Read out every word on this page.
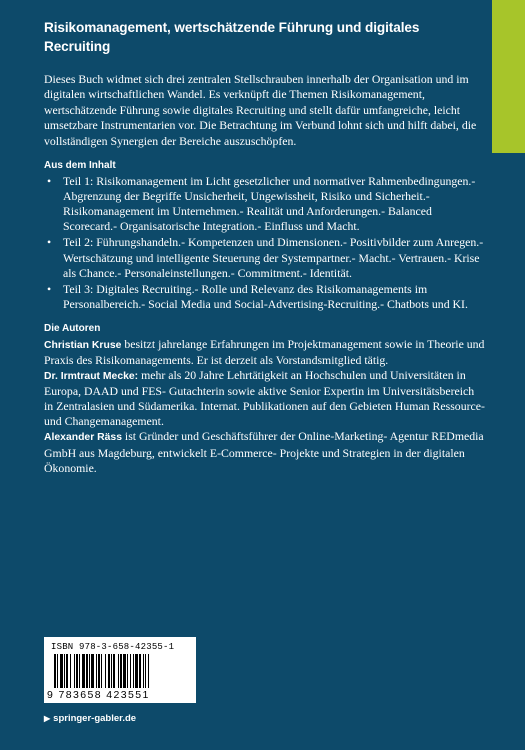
Risikomanagement, wertschätzende Führung und digitales Recruiting

Dieses Buch widmet sich drei zentralen Stellschrauben innerhalb der Organisation und im digitalen wirtschaftlichen Wandel. Es verknüpft die Themen Risikomanagement, wertschätzende Führung sowie digitales Recruiting und stellt dafür umfangreiche, leicht umsetzbare Instrumentarien vor. Die Betrachtung im Verbund lohnt sich und hilft dabei, die vollständigen Synergien der Bereiche auszuschöpfen.

Aus dem Inhalt
• Teil 1: Risikomanagement im Licht gesetzlicher und normativer Rahmenbedingungen.- Abgrenzung der Begriffe Unsicherheit, Ungewissheit, Risiko und Sicherheit.- Risikomanagement im Unternehmen.- Realität und Anforderungen.- Balanced Scorecard.- Organisatorische Integration.- Einfluss und Macht.
• Teil 2: Führungshandeln.- Kompetenzen und Dimensionen.- Positivbilder zum Anregen.- Wertschätzung und intelligente Steuerung der Systempartner.- Macht.- Vertrauen.- Krise als Chance.- Personaleinstellungen.- Commitment.- Identität.
• Teil 3: Digitales Recruiting.- Rolle und Relevanz des Risikomanagements im Personalbereich.- Social Media und Social-Advertising-Recruiting.- Chatbots und KI.
Die Autoren

Christian Kruse besitzt jahrelange Erfahrungen im Projektmanagement sowie in Theorie und Praxis des Risikomanagements. Er ist derzeit als Vorstandsmitglied tätig.

Dr. Irmtraut Mecke: mehr als 20 Jahre Lehrtätigkeit an Hochschulen und Universitäten in Europa, DAAD und FES- Gutachterin sowie aktive Senior Expertin im Universitätsbereich in Zentralasien und Südamerika. Internat. Publikationen auf den Gebieten Human Ressource- und Changemanagement.

Alexander Räss ist Gründer und Geschäftsführer der Online-Marketing- Agentur REDmedia GmbH aus Magdeburg, entwickelt E-Commerce- Projekte und Strategien in der digitalen Ökonomie.

ISBN 978-3-658-42355-1
9 783658 423551
▶ springer-gabler.de
